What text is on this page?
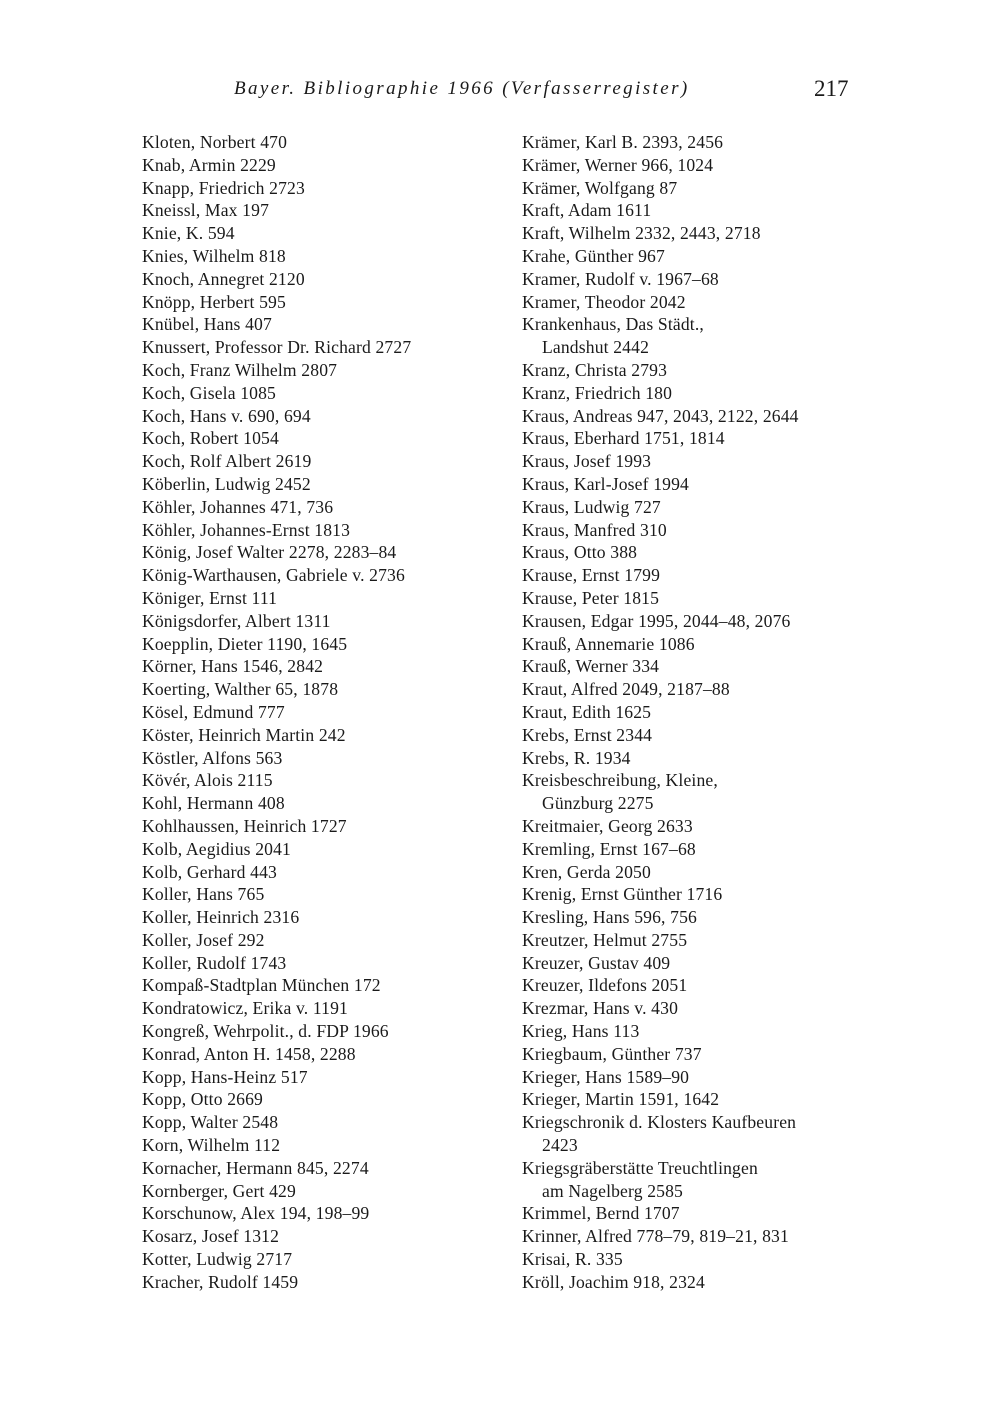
Bayer. Bibliographie 1966 (Verfasserregister)	217
Kloten, Norbert 470
Knab, Armin 2229
Knapp, Friedrich 2723
Kneissl, Max 197
Knie, K. 594
Knies, Wilhelm 818
Knoch, Annegret 2120
Knöpp, Herbert 595
Knübel, Hans 407
Knussert, Professor Dr. Richard 2727
Koch, Franz Wilhelm 2807
Koch, Gisela 1085
Koch, Hans v. 690, 694
Koch, Robert 1054
Koch, Rolf Albert 2619
Köberlin, Ludwig 2452
Köhler, Johannes 471, 736
Köhler, Johannes-Ernst 1813
König, Josef Walter 2278, 2283–84
König-Warthausen, Gabriele v. 2736
Königer, Ernst 111
Königsdorfer, Albert 1311
Koepplin, Dieter 1190, 1645
Körner, Hans 1546, 2842
Koerting, Walther 65, 1878
Kösel, Edmund 777
Köster, Heinrich Martin 242
Köstler, Alfons 563
Kövér, Alois 2115
Kohl, Hermann 408
Kohlhaussen, Heinrich 1727
Kolb, Aegidius 2041
Kolb, Gerhard 443
Koller, Hans 765
Koller, Heinrich 2316
Koller, Josef 292
Koller, Rudolf 1743
Kompaß-Stadtplan München 172
Kondratowicz, Erika v. 1191
Kongreß, Wehrpolit., d. FDP 1966
Konrad, Anton H. 1458, 2288
Kopp, Hans-Heinz 517
Kopp, Otto 2669
Kopp, Walter 2548
Korn, Wilhelm 112
Kornacher, Hermann 845, 2274
Kornberger, Gert 429
Korschunow, Alex 194, 198–99
Kosarz, Josef 1312
Kotter, Ludwig 2717
Kracher, Rudolf 1459
Krämer, Karl B. 2393, 2456
Krämer, Werner 966, 1024
Krämer, Wolfgang 87
Kraft, Adam 1611
Kraft, Wilhelm 2332, 2443, 2718
Krahe, Günther 967
Kramer, Rudolf v. 1967–68
Kramer, Theodor 2042
Krankenhaus, Das Städt.,
Landshut 2442
Kranz, Christa 2793
Kranz, Friedrich 180
Kraus, Andreas 947, 2043, 2122, 2644
Kraus, Eberhard 1751, 1814
Kraus, Josef 1993
Kraus, Karl-Josef 1994
Kraus, Ludwig 727
Kraus, Manfred 310
Kraus, Otto 388
Krause, Ernst 1799
Krause, Peter 1815
Krausen, Edgar 1995, 2044–48, 2076
Krauß, Annemarie 1086
Krauß, Werner 334
Kraut, Alfred 2049, 2187–88
Kraut, Edith 1625
Krebs, Ernst 2344
Krebs, R. 1934
Kreisbeschreibung, Kleine,
Günzburg 2275
Kreitmaier, Georg 2633
Kremling, Ernst 167–68
Kren, Gerda 2050
Krenig, Ernst Günther 1716
Kresling, Hans 596, 756
Kreutzer, Helmut 2755
Kreuzer, Gustav 409
Kreuzer, Ildefons 2051
Krezmar, Hans v. 430
Krieg, Hans 113
Kriegbaum, Günther 737
Krieger, Hans 1589–90
Krieger, Martin 1591, 1642
Kriegschronik d. Klosters Kaufbeuren
2423
Kriegsgräberstätte Treuchtlingen
am Nagelberg 2585
Krimmel, Bernd 1707
Krinner, Alfred 778–79, 819–21, 831
Krisai, R. 335
Kröll, Joachim 918, 2324
